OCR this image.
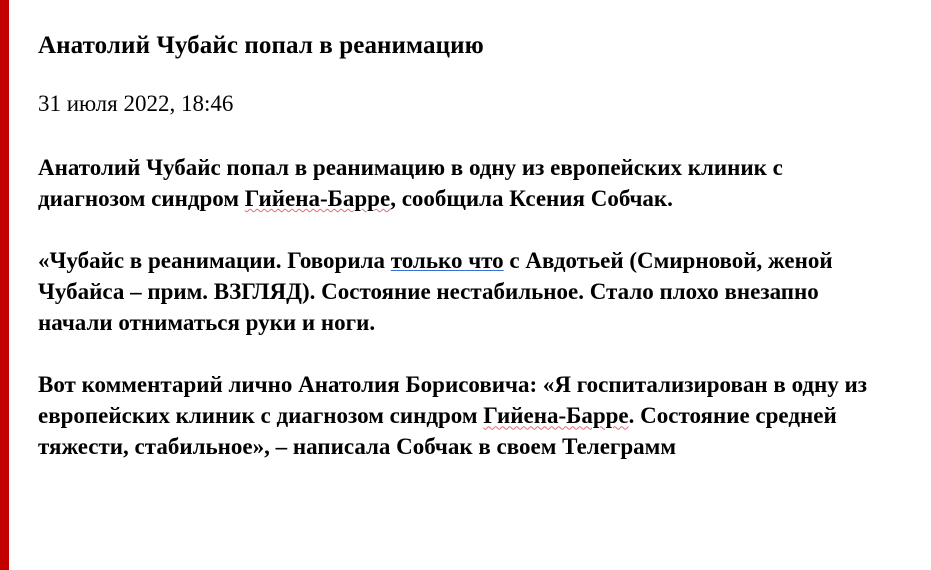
Анатолий Чубайс попал в реанимацию
31 июля 2022, 18:46
Анатолий Чубайс попал в реанимацию в одну из европейских клиник с диагнозом синдром Гийена-Барре, сообщила Ксения Собчак.
«Чубайс в реанимации. Говорила только что с Авдотьей (Смирновой, женой Чубайса – прим. ВЗГЛЯД). Состояние нестабильное. Стало плохо внезапно начали отниматься руки и ноги.
Вот комментарий лично Анатолия Борисовича: «Я госпитализирован в одну из европейских клиник с диагнозом синдром Гийена-Барре. Состояние средней тяжести, стабильное», – написала Собчак в своем Телеграмм
